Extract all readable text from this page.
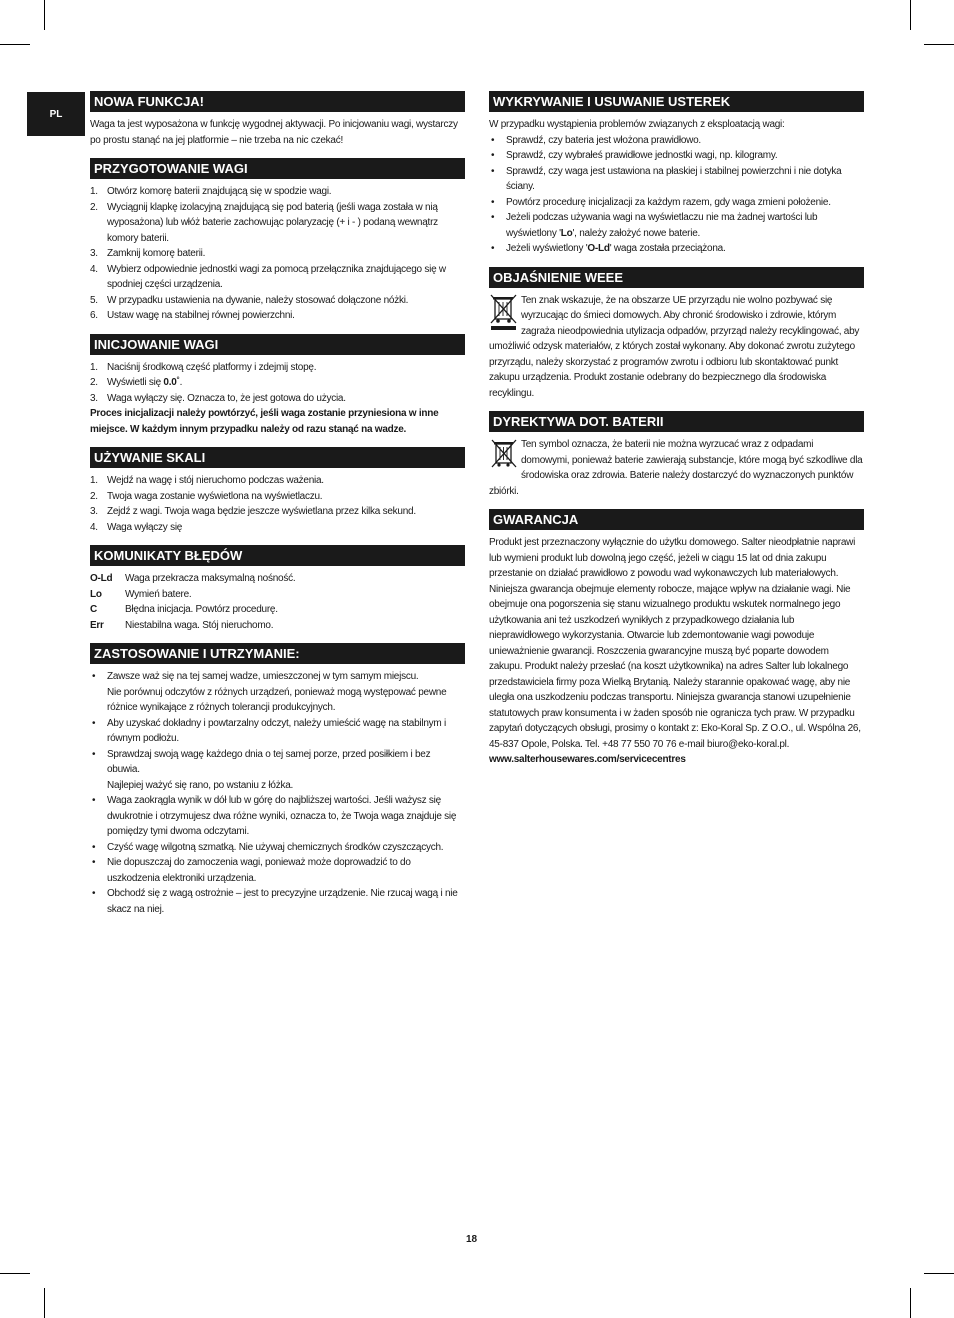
PL
NOWA FUNKCJA!

Waga ta jest wyposażona w funkcję wygodnej aktywacji. Po inicjowaniu wagi, wystarczy po prostu stanąć na jej platformie – nie trzeba na nic czekać!

PRZYGOTOWANIE WAGI
1. Otwórz komorę baterii znajdującą się w spodzie wagi.
2. Wyciągnij klapkę izolacyjną znajdującą się pod baterią (jeśli waga została w nią wyposażona) lub włóż baterie zachowując polaryzację (+ i - ) podaną wewnątrz komory baterii.
3. Zamknij komorę baterii.
4. Wybierz odpowiednie jednostki wagi za pomocą przełącznika znajdującego się w spodniej części urządzenia.
5. W przypadku ustawienia na dywanie, należy stosować dołączone nóżki.
6. Ustaw wagę na stabilnej równej powierzchni.
INICJOWANIE WAGI
1. Naciśnij środkową część platformy i zdejmij stopę.
2. Wyświetli się 0.0˚.
3. Waga wyłączy się. Oznacza to, że jest gotowa do użycia.

Proces inicjalizacji należy powtórzyć, jeśli waga zostanie przyniesiona w inne miejsce. W każdym innym przypadku należy od razu stanąć na wadze.

UŻYWANIE SKALI
1. Wejdź na wagę i stój nieruchomo podczas ważenia.
2. Twoja waga zostanie wyświetlona na wyświetlaczu.
3. Zejdź z wagi. Twoja waga będzie jeszcze wyświetlana przez kilka sekund.
4. Waga wyłączy się
KOMUNIKATY BŁĘDÓW
O-Ld	Waga przekracza maksymalną nośność.
Lo	Wymień batere.
C	Błędna inicjacja. Powtórz procedurę.
Err	Niestabilna waga. Stój nieruchomo.
ZASTOSOWANIE I UTRZYMANIE:
• Zawsze waż się na tej samej wadze, umieszczonej w tym samym miejscu.
Nie porównuj odczytów z różnych urządzeń, ponieważ mogą występować pewne różnice wynikające z różnych tolerancji produkcyjnych.
• Aby uzyskać dokładny i powtarzalny odczyt, należy umieścić wagę na stabilnym i równym podłożu.
• Sprawdzaj swoją wagę każdego dnia o tej samej porze, przed posiłkiem i bez obuwia.
Najlepiej ważyć się rano, po wstaniu z łóżka.
• Waga zaokrągla wynik w dół lub w górę do najbliższej wartości. Jeśli ważysz się dwukrotnie i otrzymujesz dwa różne wyniki, oznacza to, że Twoja waga znajduje się pomiędzy tymi dwoma odczytami.
• Czyść wagę wilgotną szmatką. Nie używaj chemicznych środków czyszczących.
• Nie dopuszczaj do zamoczenia wagi, ponieważ może doprowadzić to do uszkodzenia elektroniki urządzenia.
• Obchodź się z wagą ostrożnie – jest to precyzyjne urządzenie. Nie rzucaj wagą i nie skacz na niej.
WYKRYWANIE I USUWANIE USTEREK

W przypadku wystąpienia problemów związanych z eksploatacją wagi:

• Sprawdź, czy bateria jest włożona prawidłowo.
• Sprawdź, czy wybrałeś prawidłowe jednostki wagi, np. kilogramy.
• Sprawdź, czy waga jest ustawiona na płaskiej i stabilnej powierzchni i nie dotyka ściany.
• Powtórz procedurę inicjalizacji za każdym razem, gdy waga zmieni położenie.
• Jeżeli podczas używania wagi na wyświetlaczu nie ma żadnej wartości lub wyświetlony 'Lo', należy założyć nowe baterie.
• Jeżeli wyświetlony 'O-Ld' waga została przeciążona.
OBJAŚNIENIE WEEE

Ten znak wskazuje, że na obszarze UE przyrządu nie wolno pozbywać się wyrzucając do śmieci domowych. Aby chronić środowisko i zdrowie, którym zagraża nieodpowiednia utylizacja odpadów, przyrząd należy recyklingować, aby umożliwić odzysk materiałów, z których został wykonany. Aby dokonać zwrotu zużytego przyrządu, należy skorzystać z programów zwrotu i odbioru lub skontaktować punkt zakupu urządzenia. Produkt zostanie odebrany do bezpiecznego dla środowiska recyklingu.

DYREKTYWA DOT. BATERII

Ten symbol oznacza, że baterii nie można wyrzucać wraz z odpadami domowymi, ponieważ baterie zawierają substancje, które mogą być szkodliwe dla środowiska oraz zdrowia. Baterie należy dostarczyć do wyznaczonych punktów zbiórki.

GWARANCJA

Produkt jest przeznaczony wyłącznie do użytku domowego. Salter nieodpłatnie naprawi lub wymieni produkt lub dowolną jego część, jeżeli w ciągu 15 lat od dnia zakupu przestanie on działać prawidłowo z powodu wad wykonawczych lub materiałowych. Niniejsza gwarancja obejmuje elementy robocze, mające wpływ na działanie wagi. Nie obejmuje ona pogorszenia się stanu wizualnego produktu wskutek normalnego jego użytkowania ani też uszkodzeń wynikłych z przypadkowego działania lub nieprawidłowego wykorzystania. Otwarcie lub zdemontowanie wagi powoduje unieważnienie gwarancji. Roszczenia gwarancyjne muszą być poparte dowodem zakupu. Produkt należy przesłać (na koszt użytkownika) na adres Salter lub lokalnego przedstawiciela firmy poza Wielką Brytanią. Należy starannie opakować wagę, aby nie uległa ona uszkodzeniu podczas transportu. Niniejsza gwarancja stanowi uzupełnienie statutowych praw konsumenta i w żaden sposób nie ogranicza tych praw. W przypadku zapytań dotyczących obsługi, prosimy o kontakt z: Eko-Koral Sp. Z O.O., ul. Wspólna 26, 45-837 Opole, Polska. Tel. +48 77 550 70 76 e-mail biuro@eko-koral.pl.

www.salterhousewares.com/servicecentres

18
